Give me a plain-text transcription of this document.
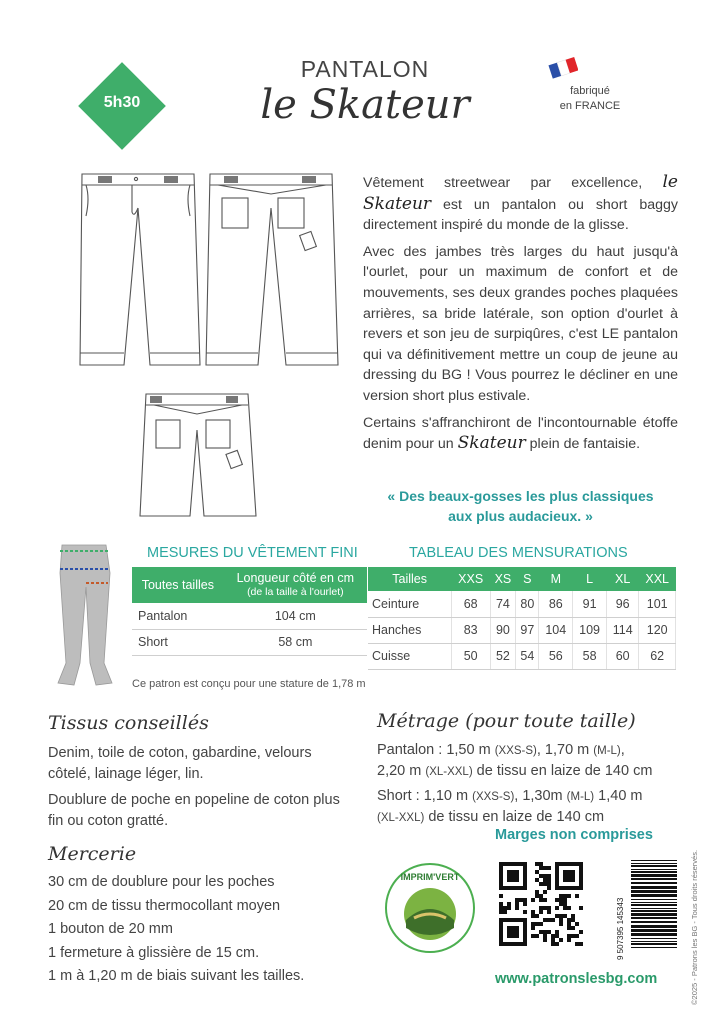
5h30
PANTALON
le Skateur	fabriqué
en FRANCE

Vêtement streetwear par excellence, le Skateur est un pantalon ou short baggy directement inspiré du monde de la glisse.

Avec des jambes très larges du haut jusqu'à l'ourlet, pour un maximum de confort et de mouvements, ses deux grandes poches plaquées arrières, sa bride latérale, son option d'ourlet à revers et son jeu de surpiqûres, c'est LE pantalon qui va définitivement mettre un coup de jeune au dressing du BG ! Vous pourrez le décliner en une version short plus estivale.

Certains s'affranchiront de l'incontournable étoffe denim pour un Skateur plein de fantaisie.

« Des beaux-gosses les plus classiques
aux plus audacieux. »
MESURES DU VÊTEMENT FINI
Toutes tailles	Longueur côté en cm
(de la taille à l'ourlet)

Pantalon	104 cm
Short	58 cm
TABLEAU DES MENSURATIONS
Tailles	XXS	XS	S	M	L	XL	XXL
Ceinture	68	74	80	86	91	96	101
Hanches	83	90	97	104	109	114	120
Cuisse	50	52	54	56	58	60	62
Ce patron est conçu pour une stature de 1,78 m
Tissus conseillés

Denim, toile de coton, gabardine, velours côtelé, lainage léger, lin.

Doublure de poche en popeline de coton plus fin ou coton gratté.

Mercerie
30 cm de doublure pour les poches
20 cm de tissu thermocollant moyen
1 bouton de 20 mm
1 fermeture à glissière de 15 cm.
1 m à 1,20 m de biais suivant les tailles.
Métrage (pour toute taille)
Pantalon : 1,50 m (XXS-S), 1,70 m (M-L),
2,20 m (XL-XXL) de tissu en laize de 140 cm
Short : 1,10 m (XXS-S), 1,30m (M-L) 1,40 m
(XL-XXL) de tissu en laize de 140 cm
Marges non comprises
IMPRIM'VERT
9 507395 145343
www.patronslesbg.com	©2025 - Patrons les BG - Tous droits réservés.
